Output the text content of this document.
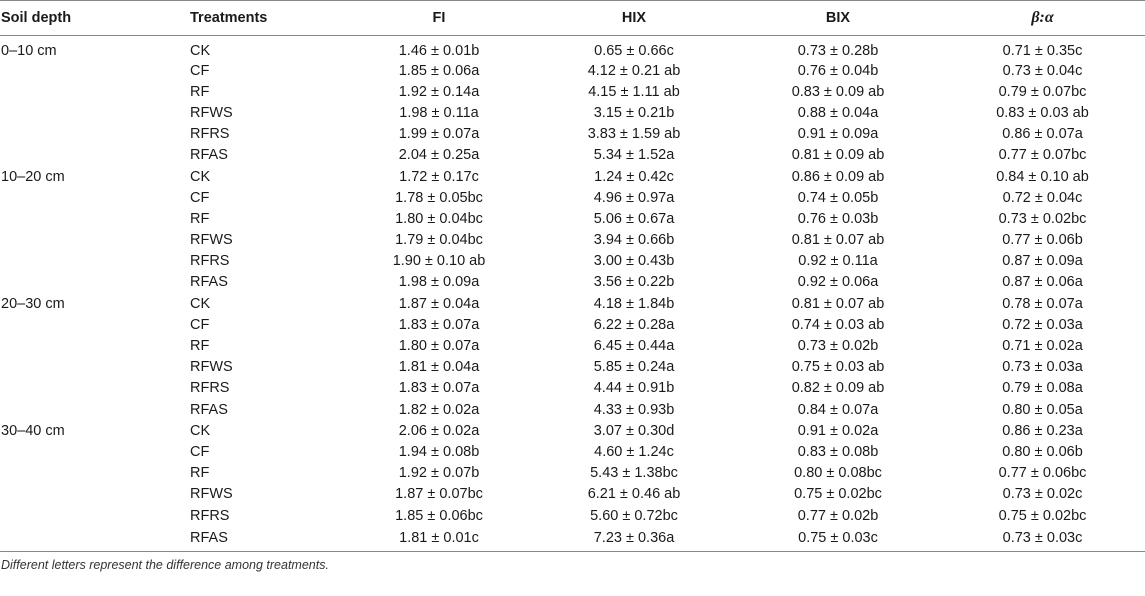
Soil depth	Treatments	FI	HIX	BIX	β:α
0–10 cm	CK	1.46 ± 0.01b	0.65 ± 0.66c	0.73 ± 0.28b	0.71 ± 0.35c
	CF	1.85 ± 0.06a	4.12 ± 0.21 ab	0.76 ± 0.04b	0.73 ± 0.04c
	RF	1.92 ± 0.14a	4.15 ± 1.11 ab	0.83 ± 0.09 ab	0.79 ± 0.07bc
	RFWS	1.98 ± 0.11a	3.15 ± 0.21b	0.88 ± 0.04a	0.83 ± 0.03 ab
	RFRS	1.99 ± 0.07a	3.83 ± 1.59 ab	0.91 ± 0.09a	0.86 ± 0.07a
	RFAS	2.04 ± 0.25a	5.34 ± 1.52a	0.81 ± 0.09 ab	0.77 ± 0.07bc
10–20 cm	CK	1.72 ± 0.17c	1.24 ± 0.42c	0.86 ± 0.09 ab	0.84 ± 0.10 ab
	CF	1.78 ± 0.05bc	4.96 ± 0.97a	0.74 ± 0.05b	0.72 ± 0.04c
	RF	1.80 ± 0.04bc	5.06 ± 0.67a	0.76 ± 0.03b	0.73 ± 0.02bc
	RFWS	1.79 ± 0.04bc	3.94 ± 0.66b	0.81 ± 0.07 ab	0.77 ± 0.06b
	RFRS	1.90 ± 0.10 ab	3.00 ± 0.43b	0.92 ± 0.11a	0.87 ± 0.09a
	RFAS	1.98 ± 0.09a	3.56 ± 0.22b	0.92 ± 0.06a	0.87 ± 0.06a
20–30 cm	CK	1.87 ± 0.04a	4.18 ± 1.84b	0.81 ± 0.07 ab	0.78 ± 0.07a
	CF	1.83 ± 0.07a	6.22 ± 0.28a	0.74 ± 0.03 ab	0.72 ± 0.03a
	RF	1.80 ± 0.07a	6.45 ± 0.44a	0.73 ± 0.02b	0.71 ± 0.02a
	RFWS	1.81 ± 0.04a	5.85 ± 0.24a	0.75 ± 0.03 ab	0.73 ± 0.03a
	RFRS	1.83 ± 0.07a	4.44 ± 0.91b	0.82 ± 0.09 ab	0.79 ± 0.08a
	RFAS	1.82 ± 0.02a	4.33 ± 0.93b	0.84 ± 0.07a	0.80 ± 0.05a
30–40 cm	CK	2.06 ± 0.02a	3.07 ± 0.30d	0.91 ± 0.02a	0.86 ± 0.23a
	CF	1.94 ± 0.08b	4.60 ± 1.24c	0.83 ± 0.08b	0.80 ± 0.06b
	RF	1.92 ± 0.07b	5.43 ± 1.38bc	0.80 ± 0.08bc	0.77 ± 0.06bc
	RFWS	1.87 ± 0.07bc	6.21 ± 0.46 ab	0.75 ± 0.02bc	0.73 ± 0.02c
	RFRS	1.85 ± 0.06bc	5.60 ± 0.72bc	0.77 ± 0.02b	0.75 ± 0.02bc
	RFAS	1.81 ± 0.01c	7.23 ± 0.36a	0.75 ± 0.03c	0.73 ± 0.03c
Different letters represent the difference among treatments.
